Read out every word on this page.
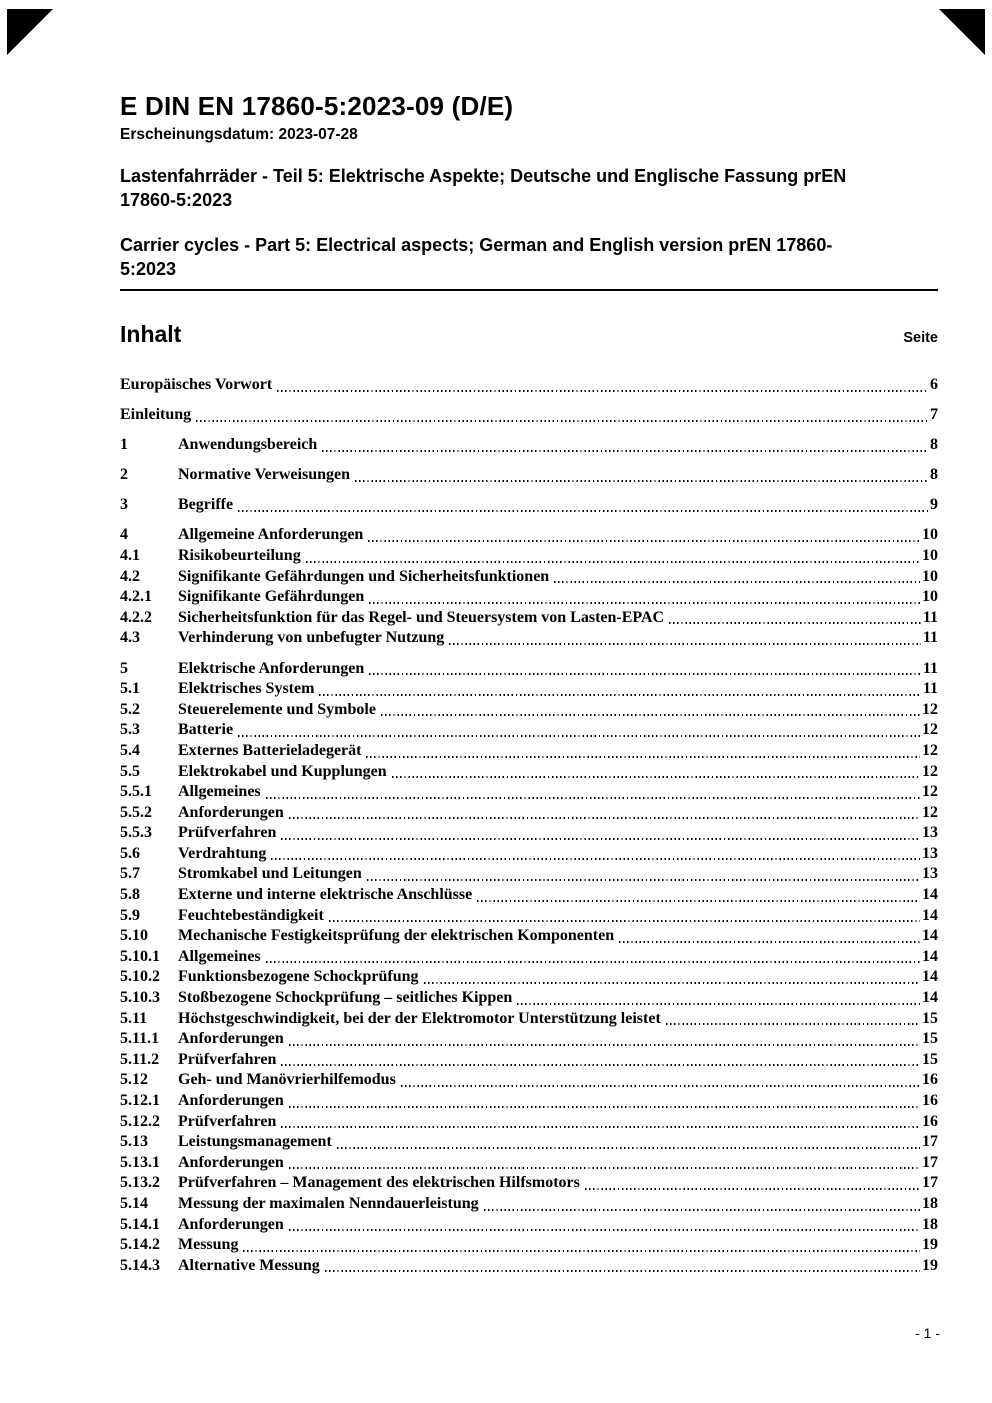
E DIN EN 17860-5:2023-09 (D/E)
Erscheinungsdatum: 2023-07-28
Lastenfahrräder - Teil 5: Elektrische Aspekte; Deutsche und Englische Fassung prEN
17860-5:2023
Carrier cycles - Part 5: Electrical aspects; German and English version prEN 17860-
5:2023
Inhalt	Seite
Europäisches Vorwort	6
Einleitung	7
1	Anwendungsbereich	8
2	Normative Verweisungen	8
3	Begriffe	9
4	Allgemeine Anforderungen	10
4.1	Risikobeurteilung	10
4.2	Signifikante Gefährdungen und Sicherheitsfunktionen	10
4.2.1	Signifikante Gefährdungen	10
4.2.2	Sicherheitsfunktion für das Regel- und Steuersystem von Lasten-EPAC	11
4.3	Verhinderung von unbefugter Nutzung	11
5	Elektrische Anforderungen	11
5.1	Elektrisches System	11
5.2	Steuerelemente und Symbole	12
5.3	Batterie	12
5.4	Externes Batterieladegerät	12
5.5	Elektrokabel und Kupplungen	12
5.5.1	Allgemeines	12
5.5.2	Anforderungen	12
5.5.3	Prüfverfahren	13
5.6	Verdrahtung	13
5.7	Stromkabel und Leitungen	13
5.8	Externe und interne elektrische Anschlüsse	14
5.9	Feuchtebeständigkeit	14
5.10	Mechanische Festigkeitsprüfung der elektrischen Komponenten	14
5.10.1	Allgemeines	14
5.10.2	Funktionsbezogene Schockprüfung	14
5.10.3	Stoßbezogene Schockprüfung – seitliches Kippen	14
5.11	Höchstgeschwindigkeit, bei der der Elektromotor Unterstützung leistet	15
5.11.1	Anforderungen	15
5.11.2	Prüfverfahren	15
5.12	Geh- und Manövrierhilfemodus	16
5.12.1	Anforderungen	16
5.12.2	Prüfverfahren	16
5.13	Leistungsmanagement	17
5.13.1	Anforderungen	17
5.13.2	Prüfverfahren – Management des elektrischen Hilfsmotors	17
5.14	Messung der maximalen Nenndauerleistung	18
5.14.1	Anforderungen	18
5.14.2	Messung	19
5.14.3	Alternative Messung	19
- 1 -
